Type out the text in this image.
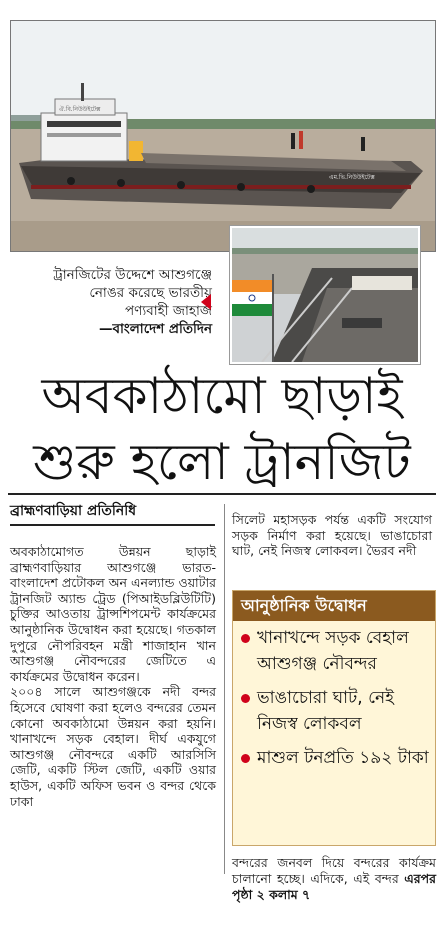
এম.ভি.নিউউইটেক্স
ঐ.বি.নিউউইটেক্স
ট্রানজিটের উদ্দেশে আশুগঞ্জে
নোঙর করেছে ভারতীয়
পণ্যবাহী জাহাজ
—বাংলাদেশ প্রতিদিন
অবকাঠামো ছাড়াই
শুরু হলো ট্রানজিট
ব্রাহ্মণবাড়িয়া প্রতিনিধি

অবকাঠামোগত উন্নয়ন ছাড়াই ব্রাহ্মণবাড়িয়ার আশুগঞ্জে ভারত-বাংলাদেশ প্রটোকল অন এনল্যান্ড ওয়াটার ট্রানজিট অ্যান্ড ট্রেড (পিআইডব্লিউটিটি) চুক্তির আওতায় ট্রান্সশিপমেন্ট কার্যক্রমের আনুষ্ঠানিক উদ্বোধন করা হয়েছে। গতকাল দুপুরে নৌপরিবহন মন্ত্রী শাজাহান খান আশুগঞ্জ নৌবন্দরের জেটিতে এ কার্যক্রমের উদ্বোধন করেন।

২০০৪ সালে আশুগঞ্জকে নদী বন্দর হিসেবে ঘোষণা করা হলেও বন্দরের তেমন কোনো অবকাঠামো উন্নয়ন করা হয়নি। খানাখন্দে সড়ক বেহাল। দীর্ঘ একযুগে আশুগঞ্জ নৌবন্দরে একটি আরসিসি জেটি, একটি স্টিল জেটি, একটি ওয়ার হাউস, একটি অফিস ভবন ও বন্দর থেকে ঢাকা

সিলেট মহাসড়ক পর্যন্ত একটি সংযোগ সড়ক নির্মাণ করা হয়েছে। ভাঙাচোরা ঘাট, নেই নিজস্ব লোকবল। ভৈরব নদী
আনুষ্ঠানিক উদ্বোধন
খানাখন্দে সড়ক বেহাল আশুগঞ্জ নৌবন্দর
ভাঙাচোরা ঘাট, নেই নিজস্ব লোকবল
মাশুল টনপ্রতি ১৯২ টাকা
বন্দরের জনবল দিয়ে বন্দরের কার্যক্রম চালানো হচ্ছে। এদিকে, এই বন্দর এরপর পৃষ্ঠা ২ কলাম ৭
